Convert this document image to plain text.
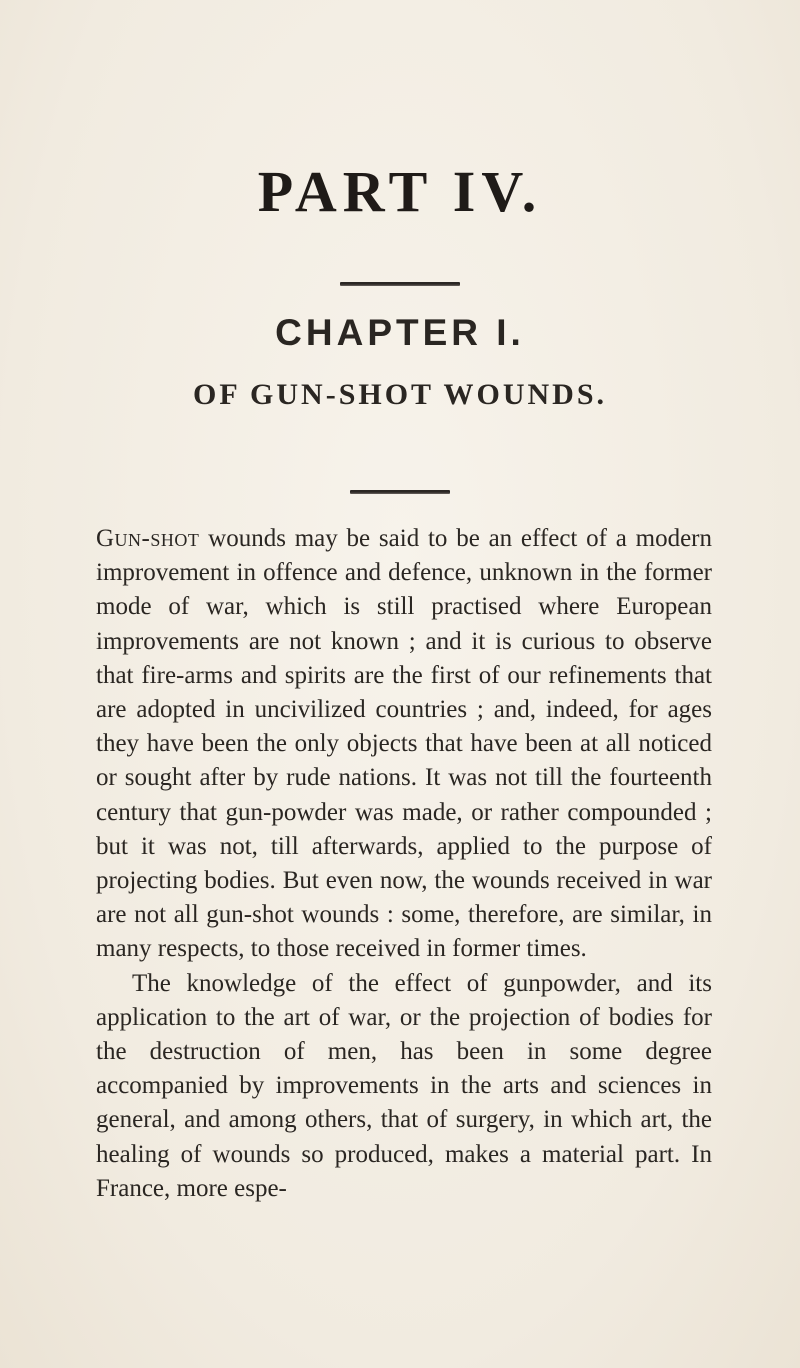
PART IV.
CHAPTER I.
OF GUN-SHOT WOUNDS.

Gun-shot wounds may be said to be an effect of a modern improvement in offence and defence, unknown in the former mode of war, which is still practised where European improvements are not known ; and it is curious to observe that fire-arms and spirits are the first of our refinements that are adopted in uncivilized countries ; and, indeed, for ages they have been the only objects that have been at all noticed or sought after by rude nations. It was not till the fourteenth century that gun-powder was made, or rather compounded ; but it was not, till afterwards, applied to the purpose of projecting bodies. But even now, the wounds received in war are not all gun-shot wounds : some, therefore, are similar, in many respects, to those received in former times.

The knowledge of the effect of gunpowder, and its application to the art of war, or the projection of bodies for the destruction of men, has been in some degree accompanied by improvements in the arts and sciences in general, and among others, that of surgery, in which art, the healing of wounds so produced, makes a material part. In France, more espe-
